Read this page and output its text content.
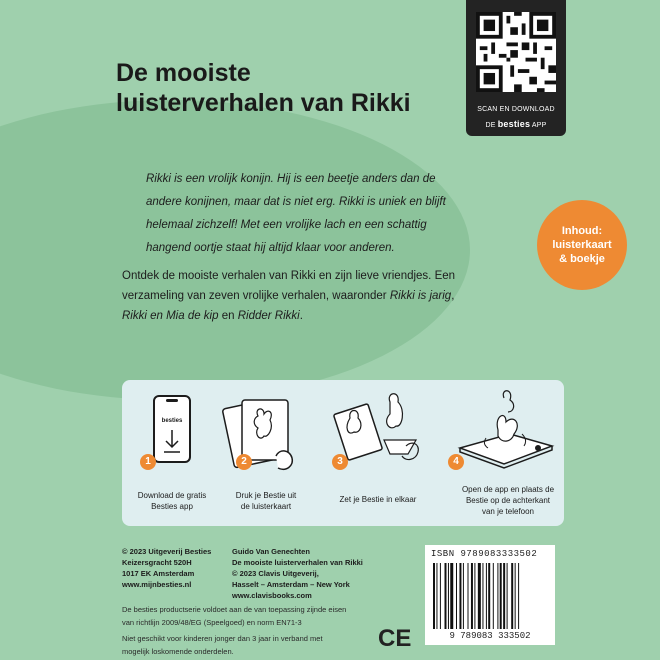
De mooiste
luisterverhalen van Rikki	SCAN EN DOWNLOAD
DE besties APP
Inhoud:
luisterkaart
& boekje
Rikki is een vrolijk konijn. Hij is een beetje anders dan de andere konijnen, maar dat is niet erg. Rikki is uniek en blijft helemaal zichzelf! Met een vrolijke lach en een schattig hangend oortje staat hij altijd klaar voor anderen.
Ontdek de mooiste verhalen van Rikki en zijn lieve vriendjes. Een verzameling van zeven vrolijke verhalen, waaronder Rikki is jarig, Rikki en Mia de kip en Ridder Rikki.
besties
1
Download de gratis
Besties app
2
Druk je Bestie uit
de luisterkaart
3
Zet je Bestie in elkaar
4
Open de app en plaats de
Bestie op de achterkant
van je telefoon
© 2023 Uitgeverij Besties
Keizersgracht 520H
1017 EK Amsterdam
www.mijnbesties.nl
Guido Van Genechten
De mooiste luisterverhalen van Rikki
© 2023 Clavis Uitgeverij,
Hasselt – Amsterdam – New York
www.clavisbooks.com
De besties productserie voldoet aan de van toepassing zijnde eisen
van richtlijn 2009/48/EG (Speelgoed) en norm EN71-3
Niet geschikt voor kinderen jonger dan 3 jaar in verband met
mogelijk loskomende onderdelen.	CE
ISBN 9789083333502
9 789083 333502
